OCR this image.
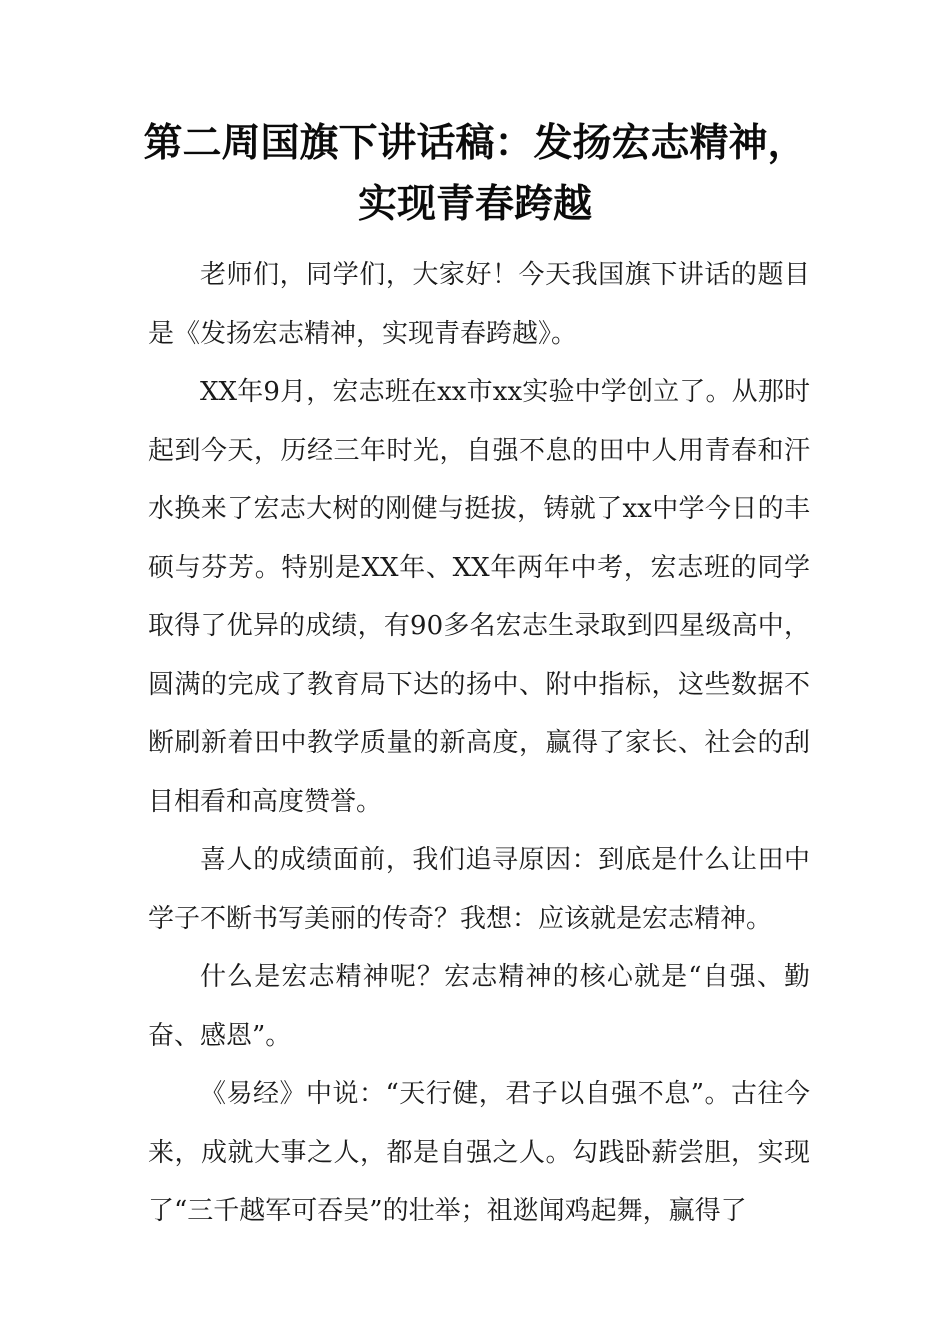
第二周国旗下讲话稿：发扬宏志精神，
实现青春跨越

老师们，同学们，大家好！今天我国旗下讲话的题目是《发扬宏志精神，实现青春跨越》。

XX年9月，宏志班在xx市xx实验中学创立了。从那时起到今天，历经三年时光，自强不息的田中人用青春和汗水换来了宏志大树的刚健与挺拔，铸就了xx中学今日的丰硕与芬芳。特别是XX年、XX年两年中考，宏志班的同学取得了优异的成绩，有90多名宏志生录取到四星级高中，圆满的完成了教育局下达的扬中、附中指标，这些数据不断刷新着田中教学质量的新高度，赢得了家长、社会的刮目相看和高度赞誉。

喜人的成绩面前，我们追寻原因：到底是什么让田中学子不断书写美丽的传奇？我想：应该就是宏志精神。

什么是宏志精神呢？宏志精神的核心就是“自强、勤奋、感恩”。

《易经》中说：“天行健，君子以自强不息”。古往今来，成就大事之人，都是自强之人。勾践卧薪尝胆，实现了“三千越军可吞吴”的壮举；祖逖闻鸡起舞，赢得了
